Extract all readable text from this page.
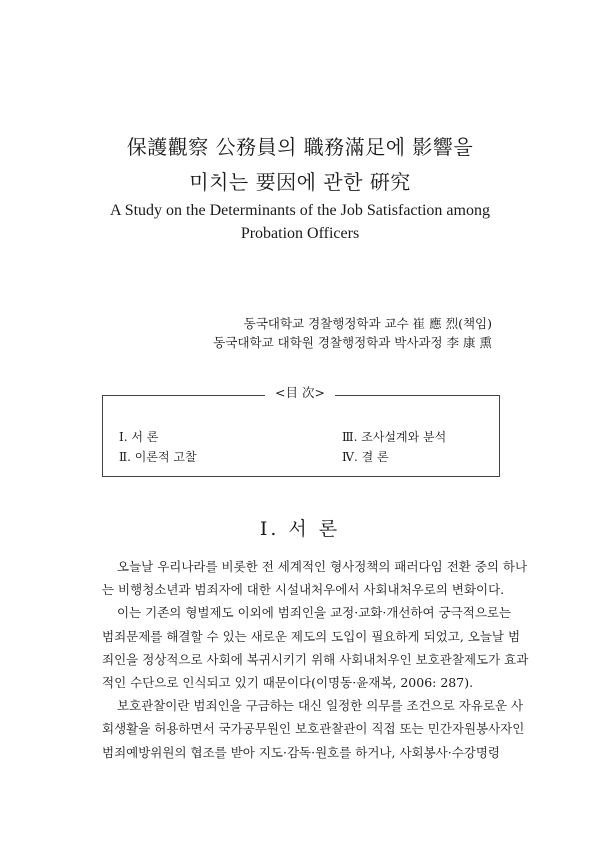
保護觀察 公務員의 職務滿足에 影響을
미치는 要因에 관한 硏究
A Study on the Determinants of the Job Satisfaction among
Probation Officers
동국대학교 경찰행정학과 교수 崔 應 烈(책임)
동국대학교 대학원 경찰행정학과 박사과정 李 康 熏
<目 次>
Ⅰ. 서 론
Ⅱ. 이론적 고찰
Ⅲ. 조사설계와 분석
Ⅳ. 결 론
Ⅰ. 서 론
오늘날 우리나라를 비롯한 전 세계적인 형사정책의 패러다임 전환 중의 하나
는 비행청소년과 범죄자에 대한 시설내처우에서 사회내처우로의 변화이다.
이는 기존의 형벌제도 이외에 범죄인을 교정·교화·개선하여 궁극적으로는
범죄문제를 해결할 수 있는 새로운 제도의 도입이 필요하게 되었고, 오늘날 범
죄인을 정상적으로 사회에 복귀시키기 위해 사회내처우인 보호관찰제도가 효과
적인 수단으로 인식되고 있기 때문이다(이명동·윤재복, 2006: 287).
보호관찰이란 범죄인을 구금하는 대신 일정한 의무를 조건으로 자유로운 사
회생활을 허용하면서 국가공무원인 보호관찰관이 직접 또는 민간자원봉사자인
범죄예방위원의 협조를 받아 지도·감독·원호를 하거나, 사회봉사·수강명령
